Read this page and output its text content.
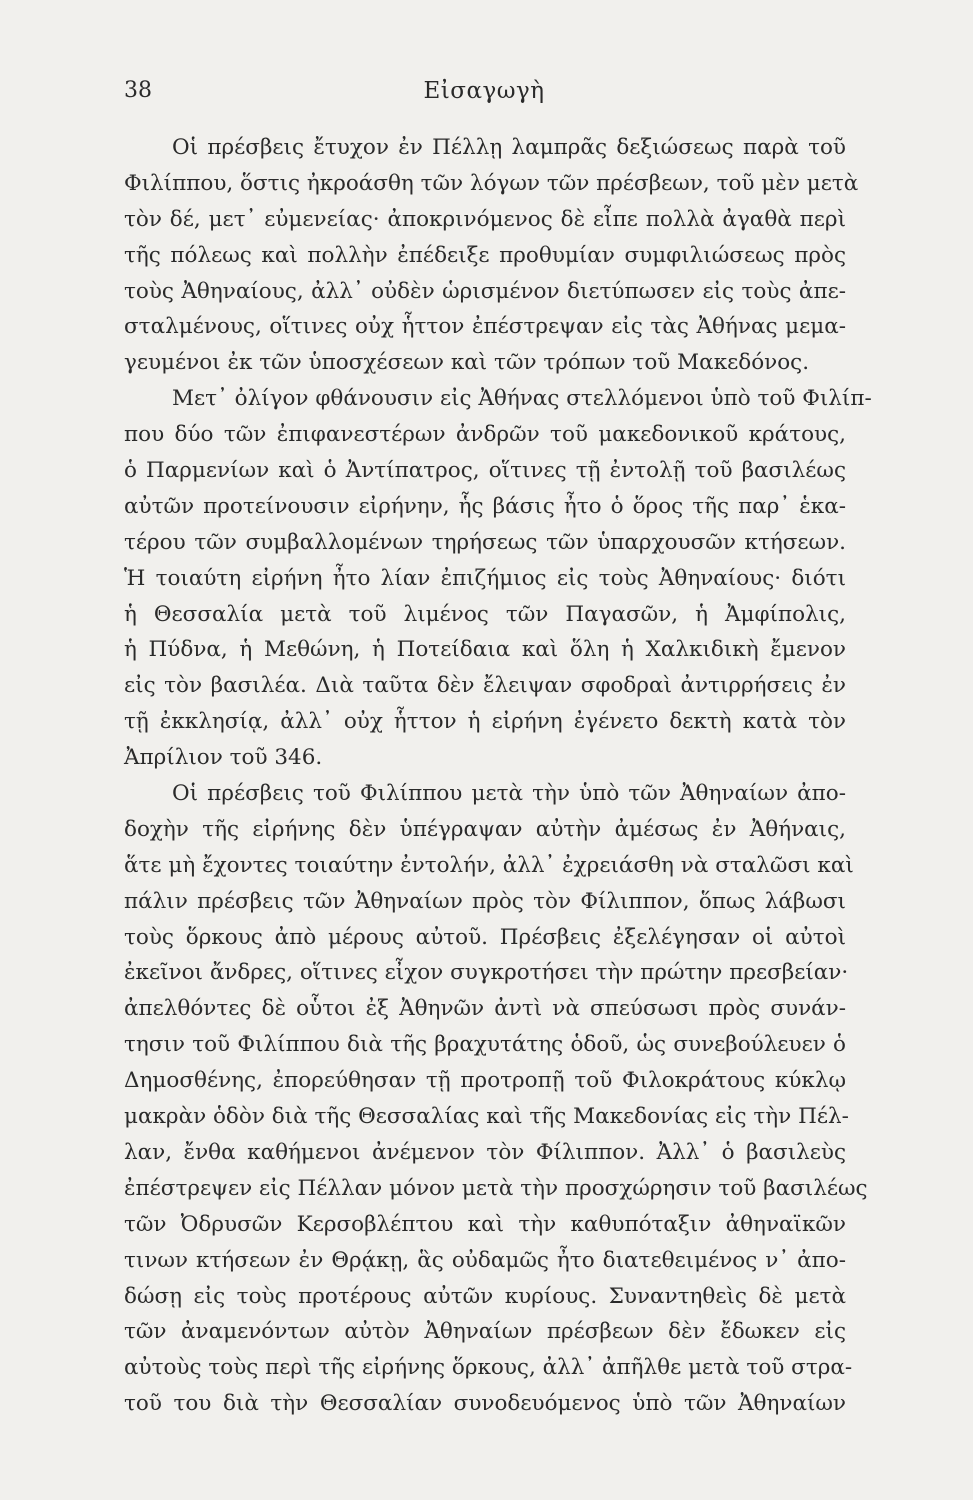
38	Εἰσαγωγὴ
Οἱ πρέσβεις ἔτυχον ἐν Πέλλῃ λαμπρᾶς δεξιώσεως παρὰ τοῦ
Φιλίππου, ὅστις ἠκροάσθη τῶν λόγων τῶν πρέσβεων, τοῦ μὲν μετὰ
τὸν δέ, μετ᾽ εὐμενείας· ἀποκρινόμενος δὲ εἶπε πολλὰ ἀγαθὰ περὶ
τῆς πόλεως καὶ πολλὴν ἐπέδειξε προθυμίαν συμφιλιώσεως πρὸς
τοὺς Ἀθηναίους, ἀλλ᾽ οὐδὲν ὡρισμένον διετύπωσεν εἰς τοὺς ἀπε-
σταλμένους, οἵτινες οὐχ ἧττον ἐπέστρεψαν εἰς τὰς Ἀθήνας μεμα-
γευμένοι ἐκ τῶν ὑποσχέσεων καὶ τῶν τρόπων τοῦ Μακεδόνος.
Μετ᾽ ὀλίγον φθάνουσιν εἰς Ἀθήνας στελλόμενοι ὑπὸ τοῦ Φιλίπ-
που δύο τῶν ἐπιφανεστέρων ἀνδρῶν τοῦ μακεδονικοῦ κράτους,
ὁ Παρμενίων καὶ ὁ Ἀντίπατρος, οἵτινες τῇ ἐντολῇ τοῦ βασιλέως
αὐτῶν προτείνουσιν εἰρήνην, ἧς βάσις ἦτο ὁ ὅρος τῆς παρ᾽ ἑκα-
τέρου τῶν συμβαλλομένων τηρήσεως τῶν ὑπαρχουσῶν κτήσεων.
Ἡ τοιαύτη εἰρήνη ἦτο λίαν ἐπιζήμιος εἰς τοὺς Ἀθηναίους· διότι
ἡ Θεσσαλία μετὰ τοῦ λιμένος τῶν Παγασῶν, ἡ Ἀμφίπολις,
ἡ Πύδνα, ἡ Μεθώνη, ἡ Ποτείδαια καὶ ὅλη ἡ Χαλκιδικὴ ἔμενον
εἰς τὸν βασιλέα. Διὰ ταῦτα δὲν ἔλειψαν σφοδραὶ ἀντιρρήσεις ἐν
τῇ ἐκκλησίᾳ, ἀλλ᾽ οὐχ ἧττον ἡ εἰρήνη ἐγένετο δεκτὴ κατὰ τὸν
Ἀπρίλιον τοῦ 346.
Οἱ πρέσβεις τοῦ Φιλίππου μετὰ τὴν ὑπὸ τῶν Ἀθηναίων ἀπο-
δοχὴν τῆς εἰρήνης δὲν ὑπέγραψαν αὐτὴν ἀμέσως ἐν Ἀθήναις,
ἅτε μὴ ἔχοντες τοιαύτην ἐντολήν, ἀλλ᾽ ἐχρειάσθη νὰ σταλῶσι καὶ
πάλιν πρέσβεις τῶν Ἀθηναίων πρὸς τὸν Φίλιππον, ὅπως λάβωσι
τοὺς ὅρκους ἀπὸ μέρους αὐτοῦ. Πρέσβεις ἐξελέγησαν οἱ αὐτοὶ
ἐκεῖνοι ἄνδρες, οἵτινες εἶχον συγκροτήσει τὴν πρώτην πρεσβείαν·
ἀπελθόντες δὲ οὗτοι ἐξ Ἀθηνῶν ἀντὶ νὰ σπεύσωσι πρὸς συνάν-
τησιν τοῦ Φιλίππου διὰ τῆς βραχυτάτης ὁδοῦ, ὡς συνεβούλευεν ὁ
Δημοσθένης, ἐπορεύθησαν τῇ προτροπῇ τοῦ Φιλοκράτους κύκλῳ
μακρὰν ὁδὸν διὰ τῆς Θεσσαλίας καὶ τῆς Μακεδονίας εἰς τὴν Πέλ-
λαν, ἔνθα καθήμενοι ἀνέμενον τὸν Φίλιππον. Ἀλλ᾽ ὁ βασιλεὺς
ἐπέστρεψεν εἰς Πέλλαν μόνον μετὰ τὴν προσχώρησιν τοῦ βασιλέως
τῶν Ὀδρυσῶν Κερσοβλέπτου καὶ τὴν καθυπόταξιν ἀθηναϊκῶν
τινων κτήσεων ἐν Θρᾴκῃ, ἃς οὐδαμῶς ἦτο διατεθειμένος ν᾽ ἀπο-
δώσῃ εἰς τοὺς προτέρους αὐτῶν κυρίους. Συναντηθεὶς δὲ μετὰ
τῶν ἀναμενόντων αὐτὸν Ἀθηναίων πρέσβεων δὲν ἔδωκεν εἰς
αὐτοὺς τοὺς περὶ τῆς εἰρήνης ὅρκους, ἀλλ᾽ ἀπῆλθε μετὰ τοῦ στρα-
τοῦ του διὰ τὴν Θεσσαλίαν συνοδευόμενος ὑπὸ τῶν Ἀθηναίων
